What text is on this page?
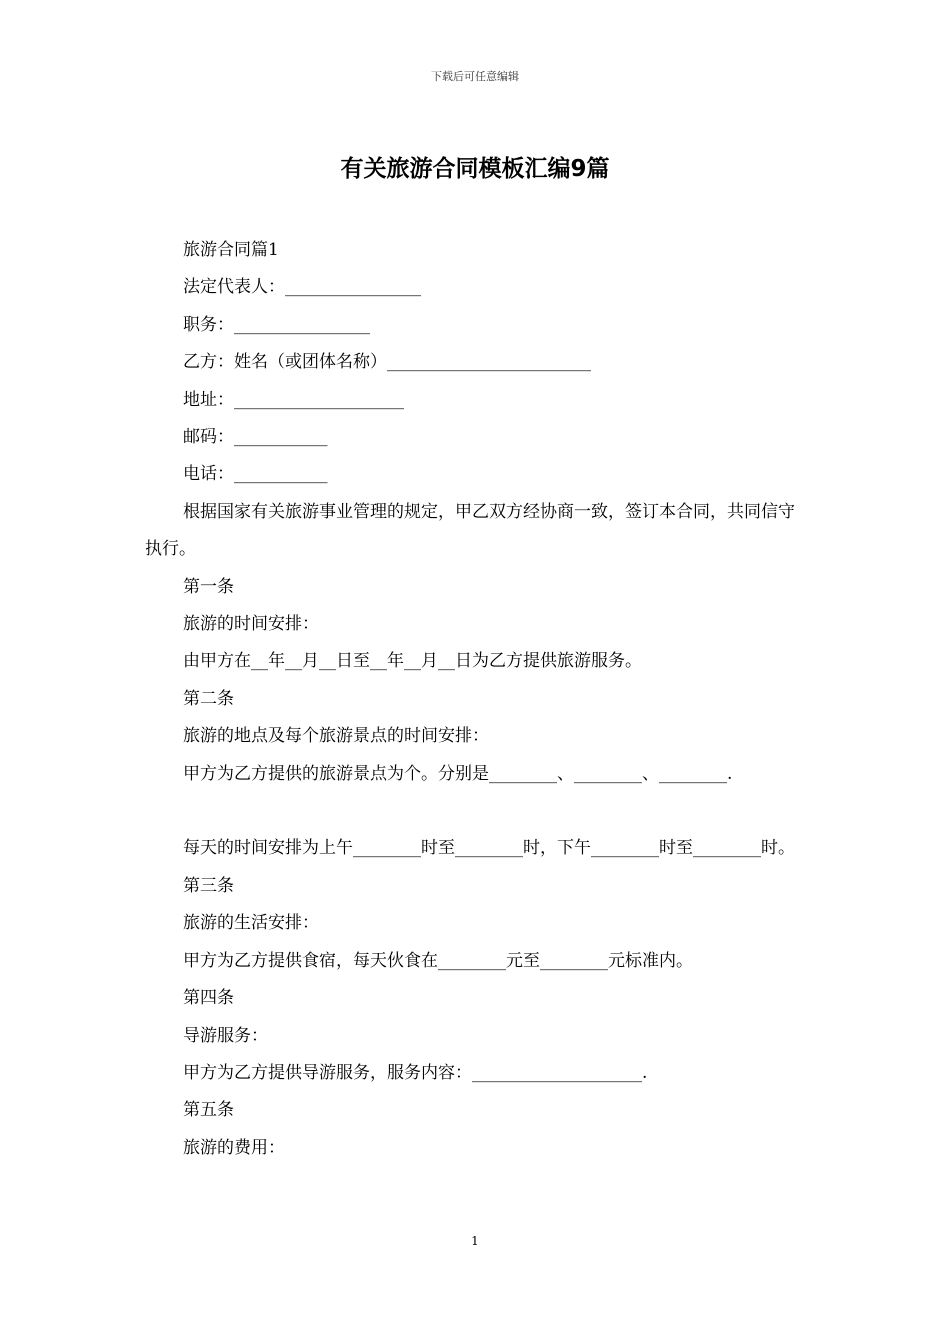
下载后可任意编辑
有关旅游合同模板汇编9篇

旅游合同篇1

法定代表人：________________

职务：________________

乙方：姓名（或团体名称）________________________

地址：____________________

邮码：___________

电话：___________

根据国家有关旅游事业管理的规定，甲乙双方经协商一致，签订本合同，共同信守执行。

第一条

旅游的时间安排：

由甲方在__年__月__日至__年__月__日为乙方提供旅游服务。

第二条

旅游的地点及每个旅游景点的时间安排：

甲方为乙方提供的旅游景点为个。分别是________、________、________.

每天的时间安排为上午________时至________时，下午________时至________时。

第三条

旅游的生活安排：

甲方为乙方提供食宿，每天伙食在________元至________元标准内。

第四条

导游服务：

甲方为乙方提供导游服务，服务内容：____________________.

第五条

旅游的费用：

1
